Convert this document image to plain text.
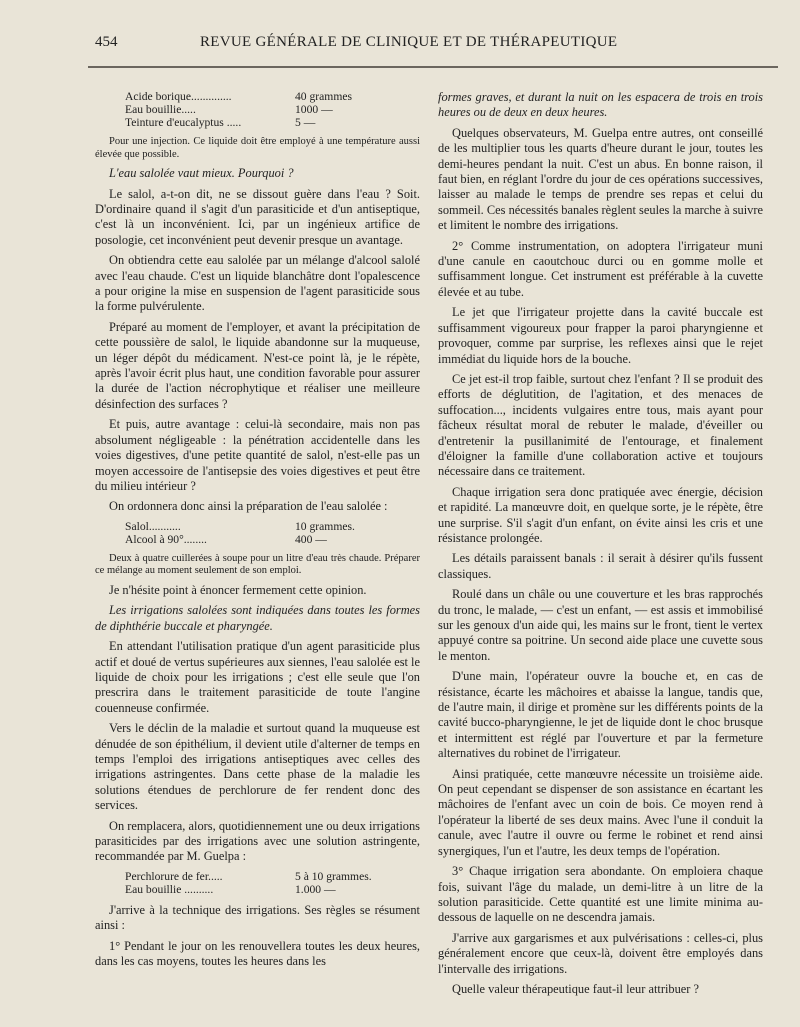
454	REVUE GÉNÉRALE DE CLINIQUE ET DE THÉRAPEUTIQUE
Acide borique..............	40 grammes
Eau bouillie.....	1000 —
Teinture d'eucalyptus .....	5 —

Pour une injection. Ce liquide doit être employé à une température aussi élevée que possible.

L'eau salolée vaut mieux. Pourquoi ?

Le salol, a-t-on dit, ne se dissout guère dans l'eau ? Soit. D'ordinaire quand il s'agit d'un parasiticide et d'un antiseptique, c'est là un inconvénient. Ici, par un ingénieux artifice de posologie, cet inconvénient peut devenir presque un avantage.

On obtiendra cette eau salolée par un mélange d'alcool salolé avec l'eau chaude. C'est un liquide blanchâtre dont l'opalescence a pour origine la mise en suspension de l'agent parasiticide sous la forme pulvérulente.

Préparé au moment de l'employer, et avant la précipitation de cette poussière de salol, le liquide abandonne sur la muqueuse, un léger dépôt du médicament. N'est-ce point là, je le répète, après l'avoir écrit plus haut, une condition favorable pour assurer la durée de l'action nécrophytique et réaliser une meilleure désinfection des surfaces ?

Et puis, autre avantage : celui-là secondaire, mais non pas absolument négligeable : la pénétration accidentelle dans les voies digestives, d'une petite quantité de salol, n'est-elle pas un moyen accessoire de l'antisepsie des voies digestives et peut être du milieu intérieur ?

On ordonnera donc ainsi la préparation de l'eau salolée :

Salol...........	10 grammes.
Alcool à 90°........	400 —

Deux à quatre cuillerées à soupe pour un litre d'eau très chaude. Préparer ce mélange au moment seulement de son emploi.

Je n'hésite point à énoncer fermement cette opinion.

Les irrigations salolées sont indiquées dans toutes les formes de diphthérie buccale et pharyngée.

En attendant l'utilisation pratique d'un agent parasiticide plus actif et doué de vertus supérieures aux siennes, l'eau salolée est le liquide de choix pour les irrigations ; c'est elle seule que l'on prescrira dans le traitement parasiticide de toute l'angine couenneuse confirmée.

Vers le déclin de la maladie et surtout quand la muqueuse est dénudée de son épithélium, il devient utile d'alterner de temps en temps l'emploi des irrigations antiseptiques avec celles des irrigations astringentes. Dans cette phase de la maladie les solutions étendues de perchlorure de fer rendent donc des services.

On remplacera, alors, quotidiennement une ou deux irrigations parasiticides par des irrigations avec une solution astringente, recommandée par M. Guelpa :

Perchlorure de fer.....	5 à 10 grammes.
Eau bouillie ..........	1.000 —

J'arrive à la technique des irrigations. Ses règles se résument ainsi :

1° Pendant le jour on les renouvellera toutes les deux heures, dans les cas moyens, toutes les heures dans les

formes graves, et durant la nuit on les espacera de trois en trois heures ou de deux en deux heures.

Quelques observateurs, M. Guelpa entre autres, ont conseillé de les multiplier tous les quarts d'heure durant le jour, toutes les demi-heures pendant la nuit. C'est un abus. En bonne raison, il faut bien, en réglant l'ordre du jour de ces opérations successives, laisser au malade le temps de prendre ses repas et celui du sommeil. Ces nécessités banales règlent seules la marche à suivre et limitent le nombre des irrigations.

2° Comme instrumentation, on adoptera l'irrigateur muni d'une canule en caoutchouc durci ou en gomme molle et suffisamment longue. Cet instrument est préférable à la cuvette élevée et au tube.

Le jet que l'irrigateur projette dans la cavité buccale est suffisamment vigoureux pour frapper la paroi pharyngienne et provoquer, comme par surprise, les reflexes ainsi que le rejet immédiat du liquide hors de la bouche.

Ce jet est-il trop faible, surtout chez l'enfant ? Il se produit des efforts de déglutition, de l'agitation, et des menaces de suffocation..., incidents vulgaires entre tous, mais ayant pour fâcheux résultat moral de rebuter le malade, d'éveiller ou d'entretenir la pusillanimité de l'entourage, et finalement d'éloigner la famille d'une collaboration active et toujours nécessaire dans ce traitement.

Chaque irrigation sera donc pratiquée avec énergie, décision et rapidité. La manœuvre doit, en quelque sorte, je le répète, être une surprise. S'il s'agit d'un enfant, on évite ainsi les cris et une résistance prolongée.

Les détails paraissent banals : il serait à désirer qu'ils fussent classiques.

Roulé dans un châle ou une couverture et les bras rapprochés du tronc, le malade, — c'est un enfant, — est assis et immobilisé sur les genoux d'un aide qui, les mains sur le front, tient le vertex appuyé contre sa poitrine. Un second aide place une cuvette sous le menton.

D'une main, l'opérateur ouvre la bouche et, en cas de résistance, écarte les mâchoires et abaisse la langue, tandis que, de l'autre main, il dirige et promène sur les différents points de la cavité bucco-pharyngienne, le jet de liquide dont le choc brusque et intermittent est réglé par l'ouverture et par la fermeture alternatives du robinet de l'irrigateur.

Ainsi pratiquée, cette manœuvre nécessite un troisième aide. On peut cependant se dispenser de son assistance en écartant les mâchoires de l'enfant avec un coin de bois. Ce moyen rend à l'opérateur la liberté de ses deux mains. Avec l'une il conduit la canule, avec l'autre il ouvre ou ferme le robinet et rend ainsi synergiques, l'un et l'autre, les deux temps de l'opération.

3° Chaque irrigation sera abondante. On emploiera chaque fois, suivant l'âge du malade, un demi-litre à un litre de la solution parasiticide. Cette quantité est une limite minima au-dessous de laquelle on ne descendra jamais.

J'arrive aux gargarismes et aux pulvérisations : celles-ci, plus généralement encore que ceux-là, doivent être employés dans l'intervalle des irrigations.

Quelle valeur thérapeutique faut-il leur attribuer ?
